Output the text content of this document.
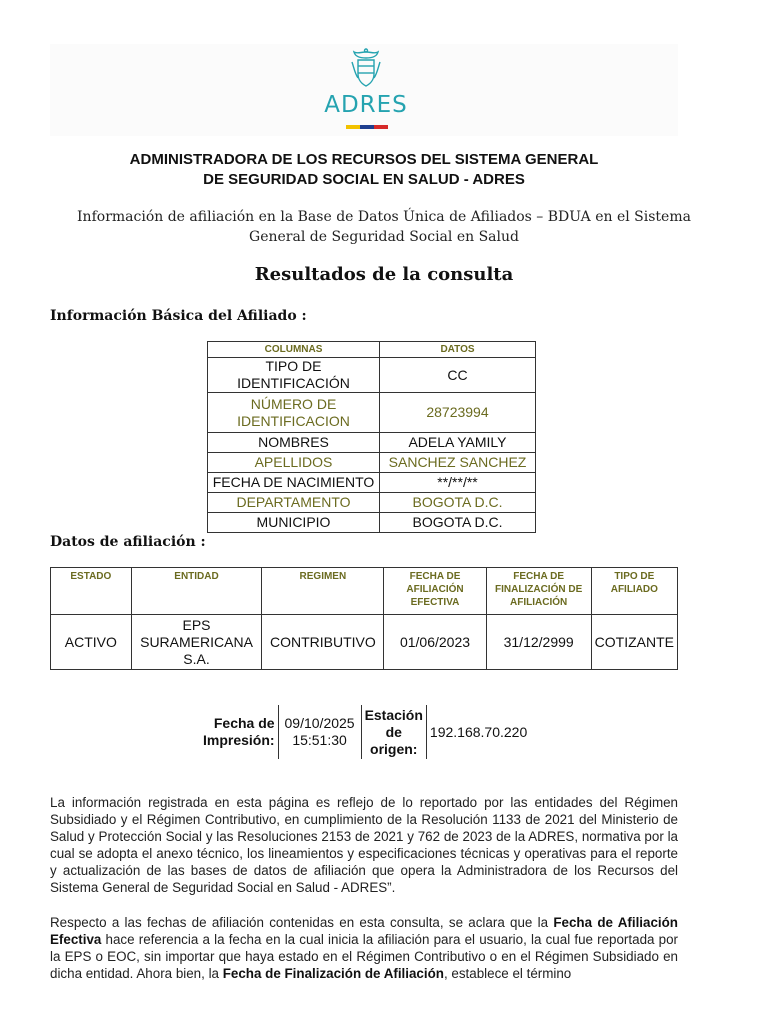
ADRES
ADMINISTRADORA DE LOS RECURSOS DEL SISTEMA GENERAL
DE SEGURIDAD SOCIAL EN SALUD - ADRES
Información de afiliación en la Base de Datos Única de Afiliados – BDUA en el Sistema
General de Seguridad Social en Salud
Resultados de la consulta
Información Básica del Afiliado :
COLUMNAS	DATOS
TIPO DE IDENTIFICACIÓN	CC
NÚMERO DE IDENTIFICACION	28723994
NOMBRES	ADELA YAMILY
APELLIDOS	SANCHEZ SANCHEZ
FECHA DE NACIMIENTO	**/**/**
DEPARTAMENTO	BOGOTA D.C.
MUNICIPIO	BOGOTA D.C.
Datos de afiliación :
ESTADO	ENTIDAD	REGIMEN	FECHA DE AFILIACIÓN EFECTIVA	FECHA DE FINALIZACIÓN DE AFILIACIÓN	TIPO DE AFILIADO
ACTIVO	EPS SURAMERICANA S.A.	CONTRIBUTIVO	01/06/2023	31/12/2999	COTIZANTE
Fecha de Impresión:	09/10/2025 15:51:30	Estación de origen:	192.168.70.220
La información registrada en esta página es reflejo de lo reportado por las entidades del Régimen Subsidiado y el Régimen Contributivo, en cumplimiento de la Resolución 1133 de 2021 del Ministerio de Salud y Protección Social y las Resoluciones 2153 de 2021 y 762 de 2023 de la ADRES, normativa por la cual se adopta el anexo técnico, los lineamientos y especificaciones técnicas y operativas para el reporte y actualización de las bases de datos de afiliación que opera la Administradora de los Recursos del Sistema General de Seguridad Social en Salud - ADRES”.
Respecto a las fechas de afiliación contenidas en esta consulta, se aclara que la Fecha de Afiliación Efectiva hace referencia a la fecha en la cual inicia la afiliación para el usuario, la cual fue reportada por la EPS o EOC, sin importar que haya estado en el Régimen Contributivo o en el Régimen Subsidiado en dicha entidad. Ahora bien, la Fecha de Finalización de Afiliación, establece el término
